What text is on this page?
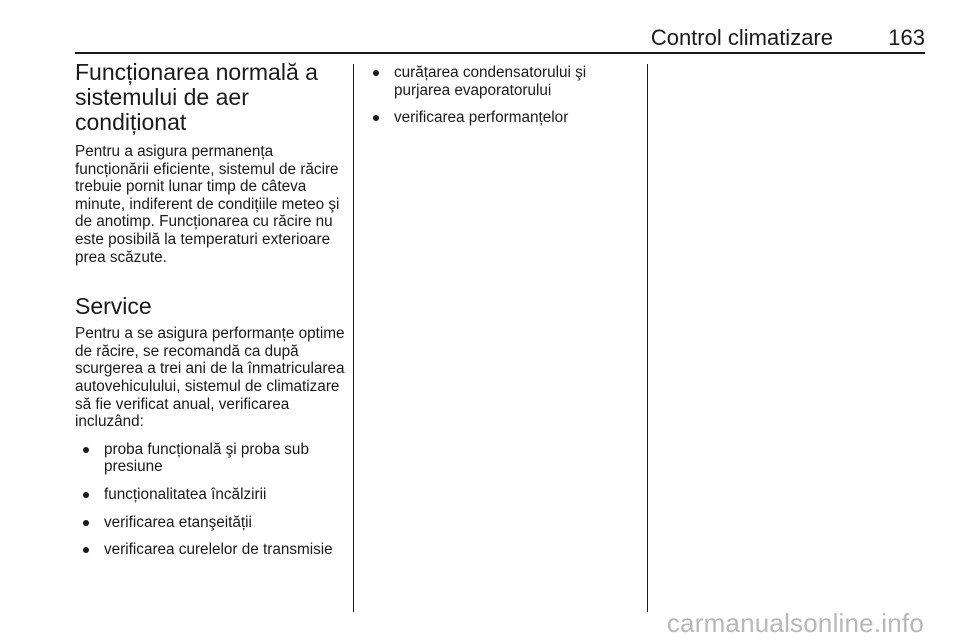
Control climatizare	163
Funcționarea normală a
sistemului de aer
condiționat

Pentru a asigura permanența funcționării eficiente, sistemul de răcire trebuie pornit lunar timp de câteva minute, indiferent de condițiile meteo şi de anotimp. Funcționarea cu răcire nu este posibilă la temperaturi exterioare prea scăzute.

Service

Pentru a se asigura performanțe optime de răcire, se recomandă ca după scurgerea a trei ani de la înmatricularea autovehiculului, sistemul de climatizare să fie verificat anual, verificarea incluzând:

proba funcțională şi proba sub presiune
funcționalitatea încălzirii
verificarea etanşeității
verificarea curelelor de transmisie
curățarea condensatorului şi purjarea evaporatorului
verificarea performanțelor
carmanualsonline.info
